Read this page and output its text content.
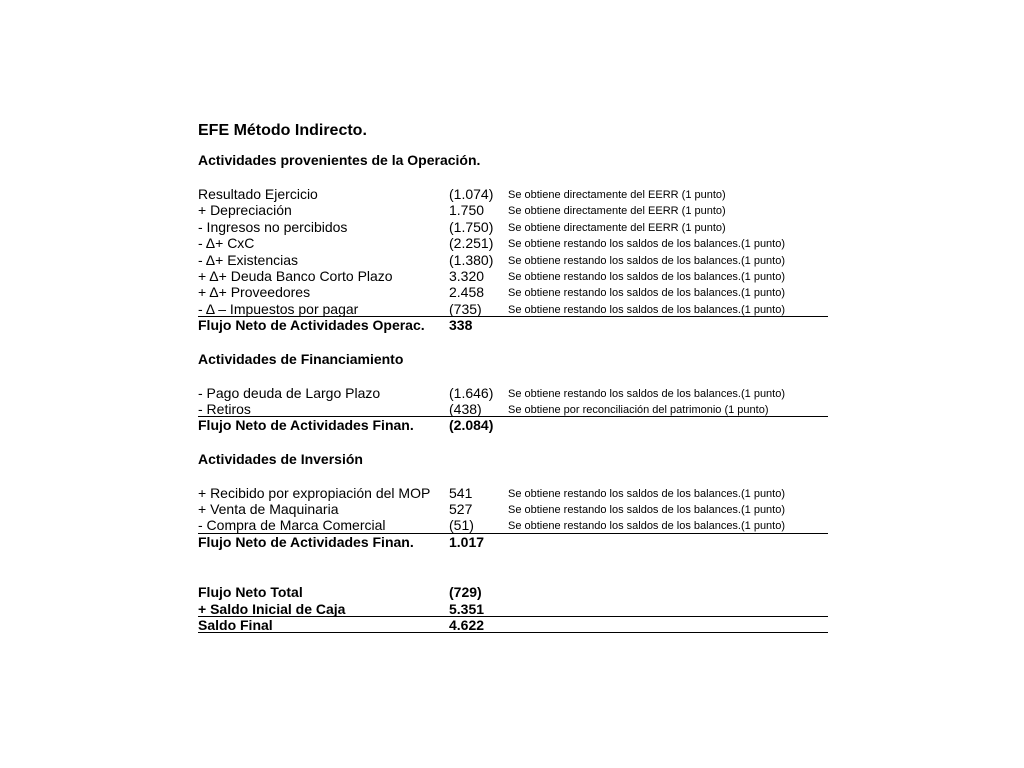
EFE Método Indirecto.
Actividades provenientes de la Operación.
Resultado Ejercicio	(1.074) Se obtiene directamente del EERR (1 punto)
+ Depreciación	1.750 Se obtiene directamente del EERR (1 punto)
- Ingresos no percibidos	(1.750) Se obtiene directamente del EERR (1 punto)
- Δ+ CxC	(2.251) Se obtiene restando los saldos de los balances.(1 punto)
- Δ+ Existencias	(1.380) Se obtiene restando los saldos de los balances.(1 punto)
+ Δ+ Deuda Banco Corto Plazo	3.320 Se obtiene restando los saldos de los balances.(1 punto)
+ Δ+ Proveedores	2.458 Se obtiene restando los saldos de los balances.(1 punto)
- Δ – Impuestos por pagar	(735) Se obtiene restando los saldos de los balances.(1 punto)
Flujo Neto de Actividades Operac. 338
Actividades de Financiamiento
- Pago deuda de Largo Plazo	(1.646) Se obtiene restando los saldos de los balances.(1 punto)
- Retiros	(438) Se obtiene por reconciliación del patrimonio (1 punto)
Flujo Neto de Actividades Finan.	(2.084)
Actividades de Inversión
+ Recibido por expropiación del MOP 541	Se obtiene restando los saldos de los balances.(1 punto)
+ Venta de Maquinaria	527	Se obtiene restando los saldos de los balances.(1 punto)
- Compra de Marca Comercial	(51)	Se obtiene restando los saldos de los balances.(1 punto)
Flujo Neto de Actividades Finan.	1.017
Flujo Neto Total	(729)
+ Saldo Inicial de Caja	5.351
Saldo Final	4.622
